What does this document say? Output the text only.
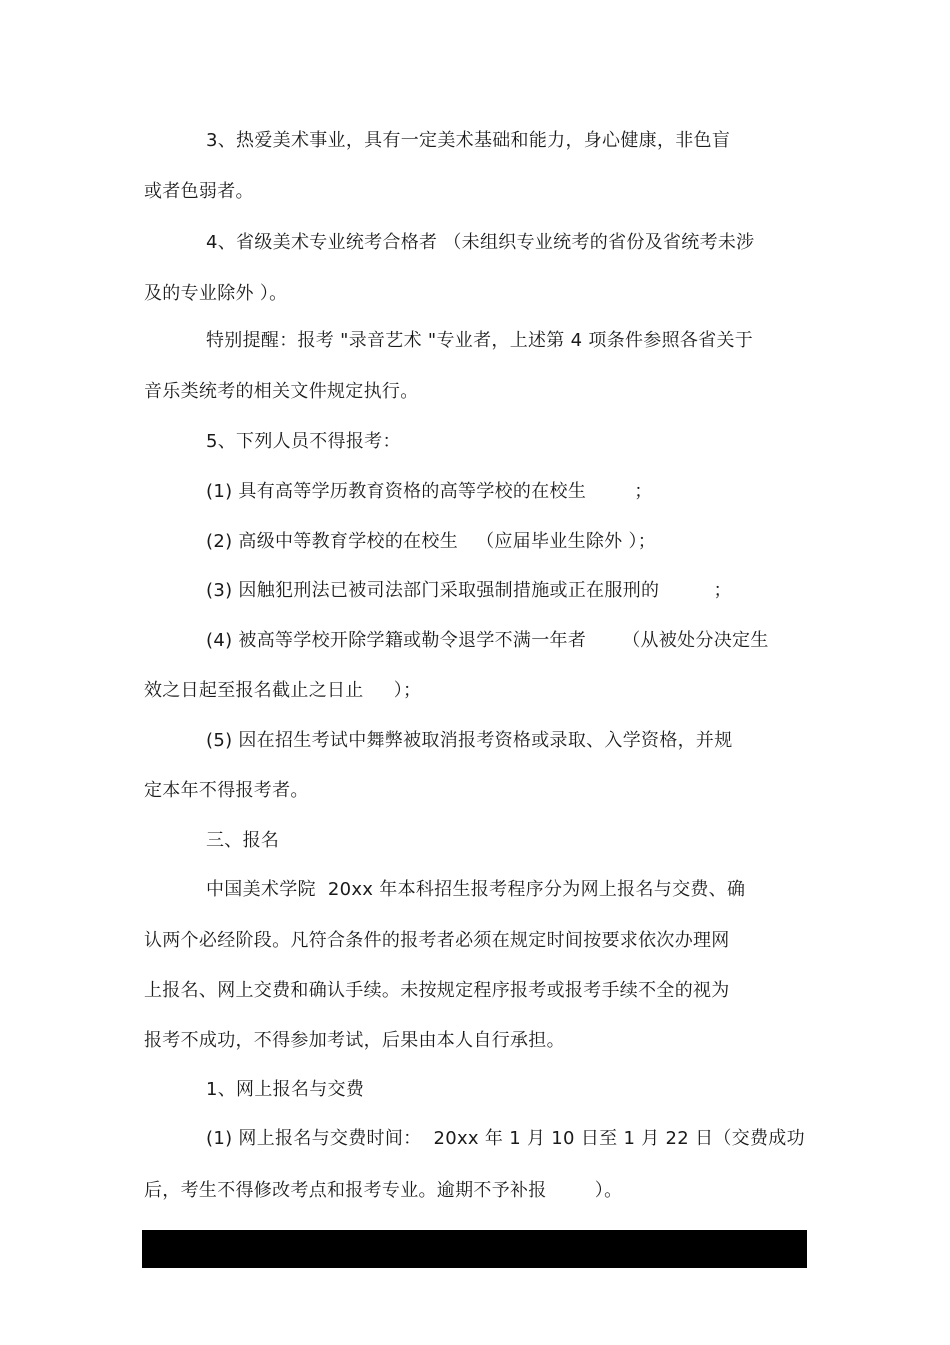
3、热爱美术事业，具有一定美术基础和能力，身心健康，非色盲
或者色弱者。
4、省级美术专业统考合格者 （未组织专业统考的省份及省统考未涉
及的专业除外 ）。
特别提醒：报考 "录音艺术 "专业者，上述第 4 项条件参照各省关于
音乐类统考的相关文件规定执行。
5、下列人员不得报考：
(1) 具有高等学历教育资格的高等学校的在校生        ；
(2) 高级中等教育学校的在校生   （应届毕业生除外 ）；
(3) 因触犯刑法已被司法部门采取强制措施或正在服刑的         ；
(4) 被高等学校开除学籍或勒令退学不满一年者      （从被处分决定生
效之日起至报名截止之日止     ）；
(5) 因在招生考试中舞弊被取消报考资格或录取、入学资格，并规
定本年不得报考者。
三、报名
中国美术学院  20xx 年本科招生报考程序分为网上报名与交费、确
认两个必经阶段。凡符合条件的报考者必须在规定时间按要求依次办理网
上报名、网上交费和确认手续。未按规定程序报考或报考手续不全的视为
报考不成功，不得参加考试，后果由本人自行承担。
1、网上报名与交费
(1) 网上报名与交费时间：  20xx 年 1 月 10 日至 1 月 22 日（交费成功
后，考生不得修改考点和报考专业。逾期不予补报        ）。
